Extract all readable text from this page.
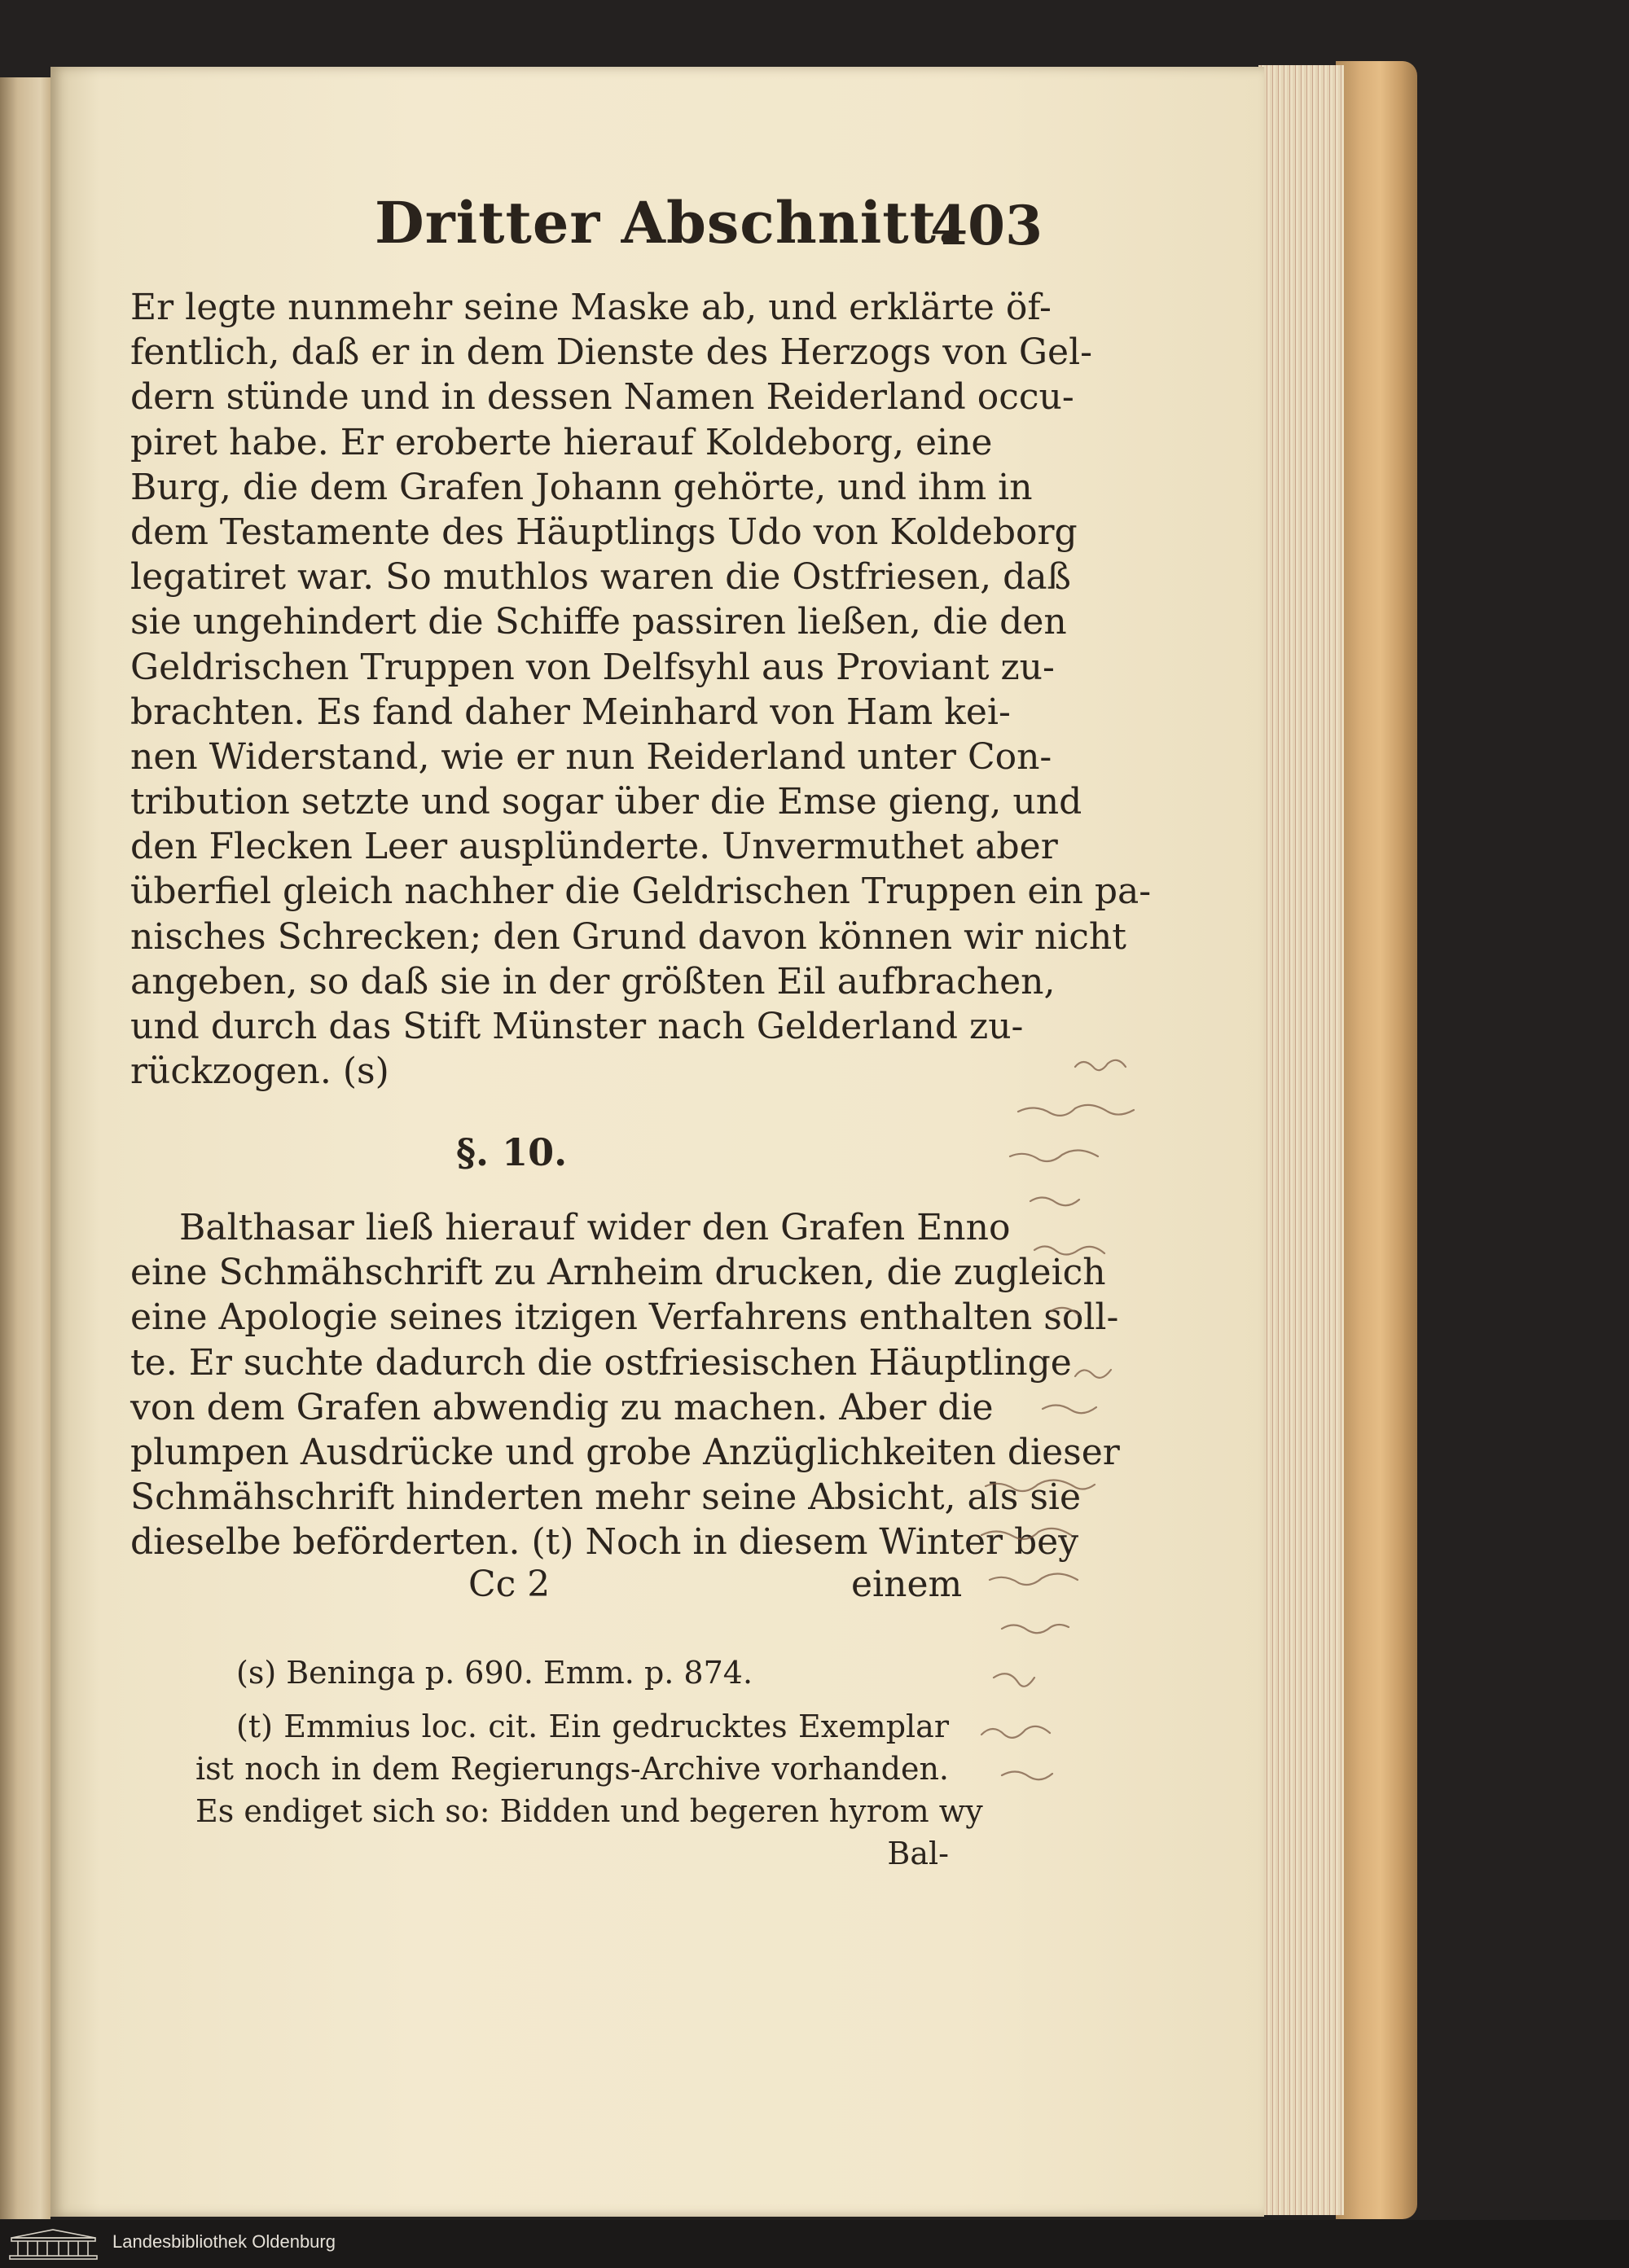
Dritter Abschnitt.
403
Er legte nunmehr seine Maske ab, und erklärte öf-
fentlich, daß er in dem Dienste des Herzogs von Gel-
dern stünde und in dessen Namen Reiderland occu-
piret habe. Er eroberte hierauf Koldeborg, eine
Burg, die dem Grafen Johann gehörte, und ihm in
dem Testamente des Häuptlings Udo von Koldeborg
legatiret war. So muthlos waren die Ostfriesen, daß
sie ungehindert die Schiffe passiren ließen, die den
Geldrischen Truppen von Delfsyhl aus Proviant zu-
brachten. Es fand daher Meinhard von Ham kei-
nen Widerstand, wie er nun Reiderland unter Con-
tribution setzte und sogar über die Emse gieng, und
den Flecken Leer ausplünderte. Unvermuthet aber
überfiel gleich nachher die Geldrischen Truppen ein pa-
nisches Schrecken; den Grund davon können wir nicht
angeben, so daß sie in der größten Eil aufbrachen,
und durch das Stift Münster nach Gelderland zu-
rückzogen. (s)
§. 10.
Balthasar ließ hierauf wider den Grafen Enno
eine Schmähschrift zu Arnheim drucken, die zugleich
eine Apologie seines itzigen Verfahrens enthalten soll-
te. Er suchte dadurch die ostfriesischen Häuptlinge
von dem Grafen abwendig zu machen. Aber die
plumpen Ausdrücke und grobe Anzüglichkeiten dieser
Schmähschrift hinderten mehr seine Absicht, als sie
dieselbe beförderten. (t) Noch in diesem Winter bey
Cc 2	einem
(s) Beninga p. 690. Emm. p. 874.
(t) Emmius loc. cit. Ein gedrucktes Exemplar
ist noch in dem Regierungs-Archive vorhanden.
Es endiget sich so: Bidden und begeren hyrom wy
Bal-
Landesbibliothek Oldenburg
